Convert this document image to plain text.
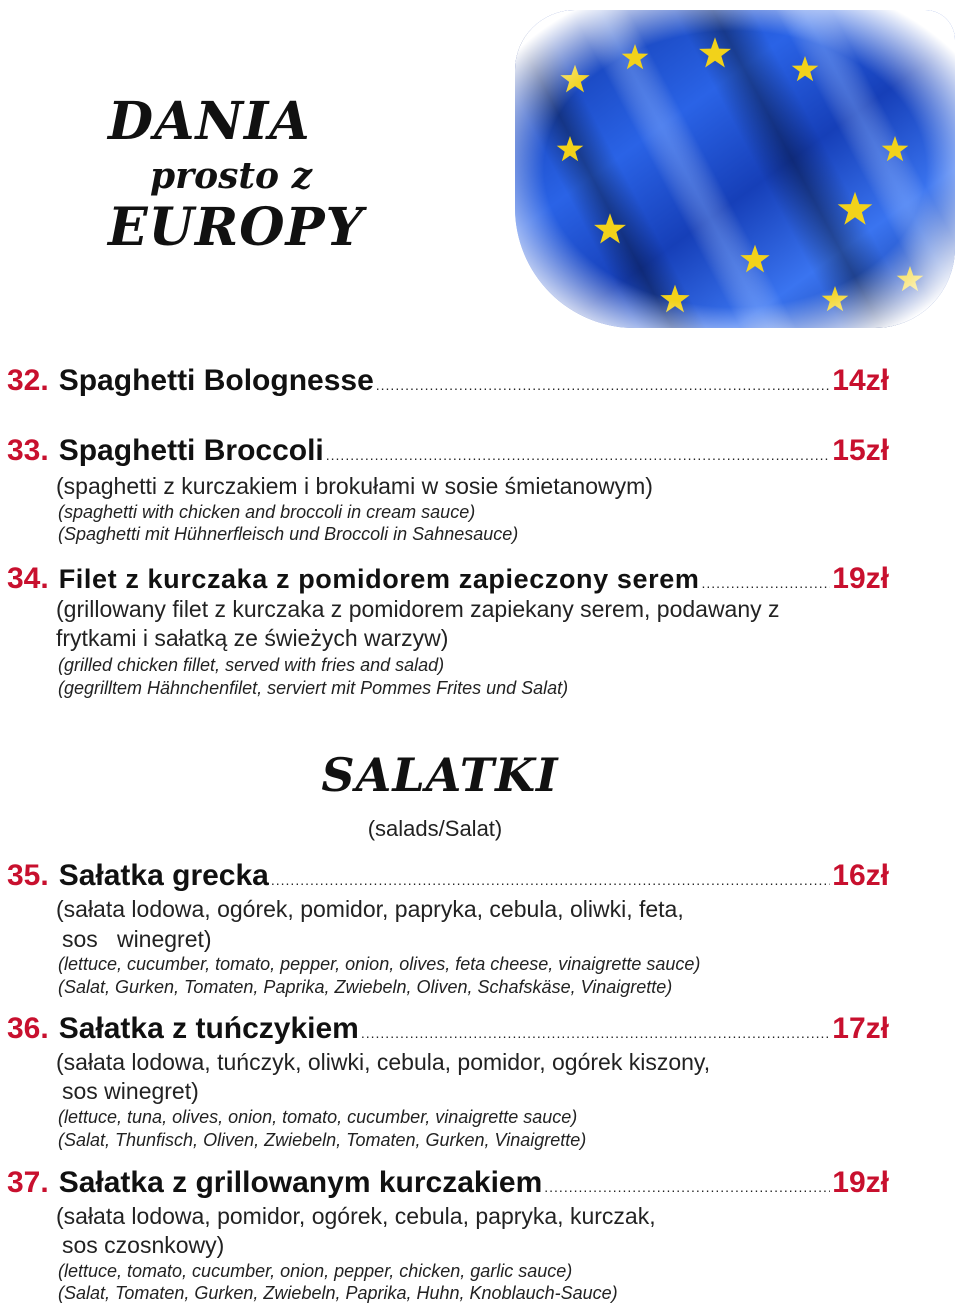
DANIA
prosto z
EUROPY
32. Spaghetti Bolognesse .....	14zł
33. Spaghetti Broccoli .....	15zł
(spaghetti z kurczakiem i brokułami w sosie śmietanowym)
(spaghetti with chicken and broccoli in cream sauce)
(Spaghetti mit Hühnerfleisch und Broccoli in Sahnesauce)
34. Filet z kurczaka z pomidorem zapieczony serem .....	19zł
(grillowany filet z kurczaka z pomidorem zapiekany serem, podawany z
frytkami i sałatką ze świeżych warzyw)
(grilled chicken fillet, served with fries and salad)
(gegrilltem Hähnchenfilet, serviert mit Pommes Frites und Salat)
SALATKI
(salads/Salat)
35. Sałatka grecka .....	16zł
(sałata lodowa, ogórek, pomidor, papryka, cebula, oliwki, feta,
sos   winegret)
(lettuce, cucumber, tomato, pepper, onion, olives, feta cheese, vinaigrette sauce)
(Salat, Gurken, Tomaten, Paprika, Zwiebeln, Oliven, Schafskäse, Vinaigrette)
36. Sałatka z tuńczykiem .....	17zł
(sałata lodowa, tuńczyk, oliwki, cebula, pomidor, ogórek kiszony,
sos winegret)
(lettuce, tuna, olives, onion, tomato, cucumber, vinaigrette sauce)
(Salat, Thunfisch, Oliven, Zwiebeln, Tomaten, Gurken, Vinaigrette)
37. Sałatka z grillowanym kurczakiem .....	19zł
(sałata lodowa, pomidor, ogórek, cebula, papryka, kurczak,
sos czosnkowy)
(lettuce, tomato, cucumber, onion, pepper, chicken, garlic sauce)
(Salat, Tomaten, Gurken, Zwiebeln, Paprika, Huhn, Knoblauch-Sauce)
